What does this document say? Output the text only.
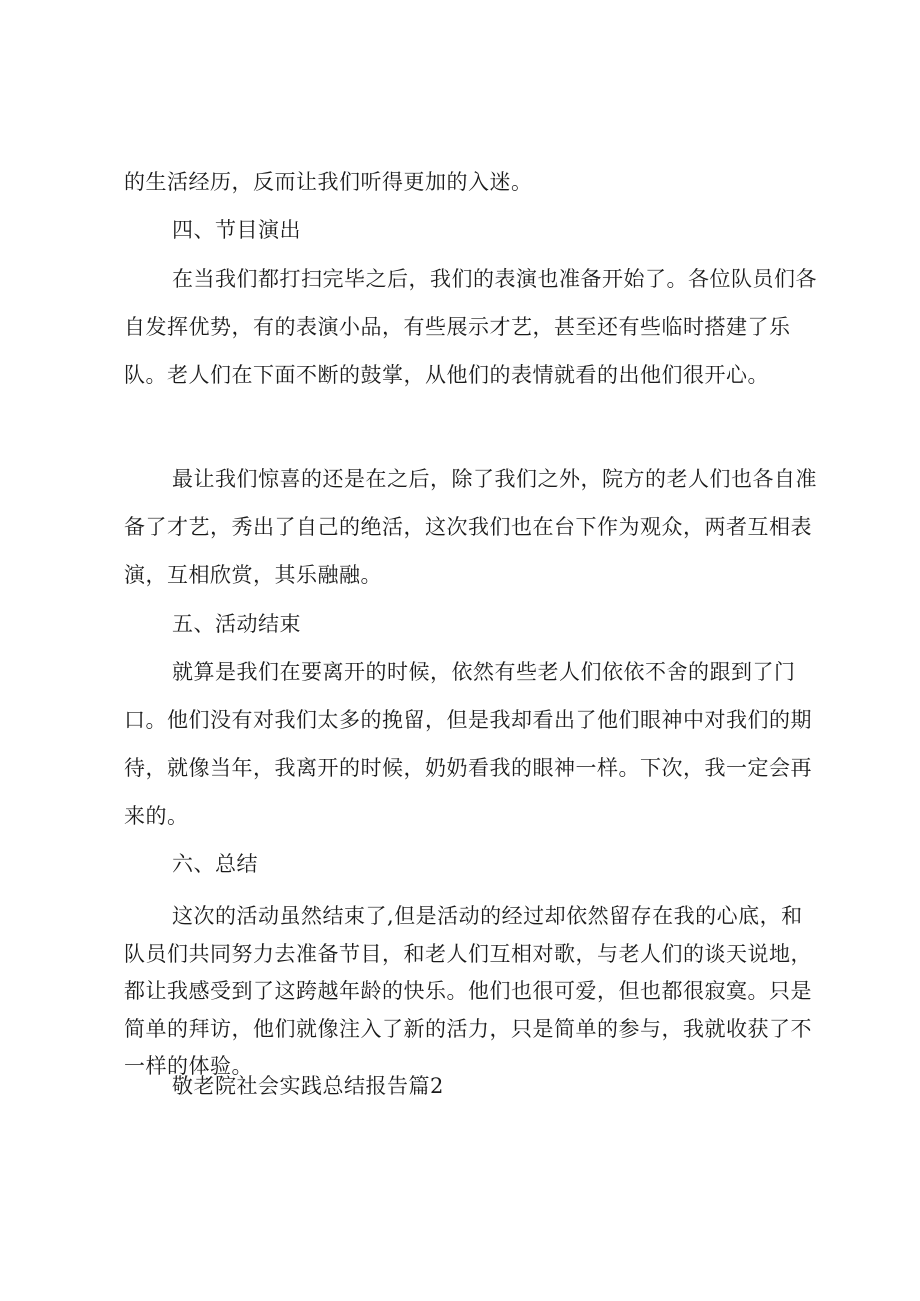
的生活经历，反而让我们听得更加的入迷。

四、节目演出

在当我们都打扫完毕之后，我们的表演也准备开始了。各位队员们各自发挥优势，有的表演小品，有些展示才艺，甚至还有些临时搭建了乐队。老人们在下面不断的鼓掌，从他们的表情就看的出他们很开心。

最让我们惊喜的还是在之后，除了我们之外，院方的老人们也各自准备了才艺，秀出了自己的绝活，这次我们也在台下作为观众，两者互相表演，互相欣赏，其乐融融。

五、活动结束

就算是我们在要离开的时候，依然有些老人们依依不舍的跟到了门口。他们没有对我们太多的挽留，但是我却看出了他们眼神中对我们的期待，就像当年，我离开的时候，奶奶看我的眼神一样。下次，我一定会再来的。

六、总结

这次的活动虽然结束了,但是活动的经过却依然留存在我的心底，和队员们共同努力去准备节目，和老人们互相对歌，与老人们的谈天说地，都让我感受到了这跨越年龄的快乐。他们也很可爱，但也都很寂寞。只是简单的拜访，他们就像注入了新的活力，只是简单的参与，我就收获了不一样的体验。

敬老院社会实践总结报告篇2
